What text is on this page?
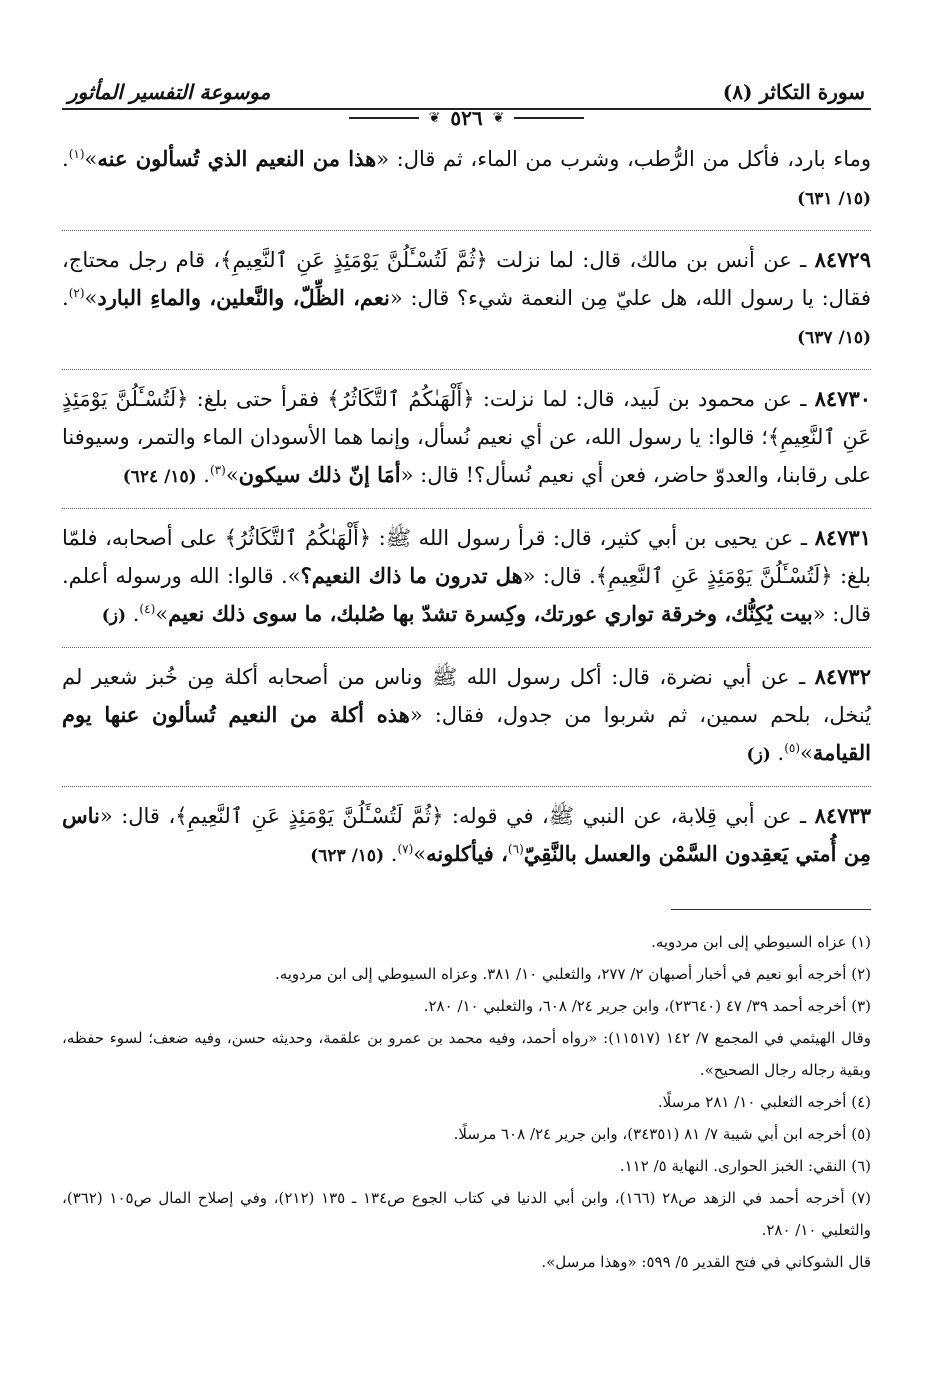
سورة التكاثر (٨)
موسوعة التفسير المأثور
❦
٥٢٦
❦

وماء بارد، فأكل من الرُّطب، وشرب من الماء، ثم قال: «هذا من النعيم الذي تُسألون عنه»$^{(١)}$. (١٥/ ٦٣١)

٨٤٧٢٩ ـ عن أنس بن مالك، قال: لما نزلت ﴿ثُمَّ لَتُسْـَٔلُنَّ يَوْمَئِذٍ عَنِ ٱلنَّعِيمِ﴾، قام رجل محتاج، فقال: يا رسول الله، هل عليّ مِن النعمة شيء؟ قال: «نعم، الظِّلّ، والنَّعلين، والماءِ البارد»$^{(٢)}$. (١٥/ ٦٣٧)

٨٤٧٣٠ ـ عن محمود بن لَبيد، قال: لما نزلت: ﴿أَلْهَىٰكُمُ ٱلتَّكَاثُرُ﴾ فقرأ حتى بلغ: ﴿لَتُسْـَٔلُنَّ يَوْمَئِذٍ عَنِ ٱلنَّعِيمِ﴾؛ قالوا: يا رسول الله، عن أي نعيم نُسأل، وإنما هما الأسودان الماء والتمر، وسيوفنا على رقابنا، والعدوّ حاضر، فعن أي نعيم نُسأل؟! قال: «أمَا إنّ ذلك سيكون»$^{(٣)}$. (١٥/ ٦٢٤)

٨٤٧٣١ ـ عن يحيى بن أبي كثير، قال: قرأ رسول الله ﷺ: ﴿أَلْهَىٰكُمُ ٱلتَّكَاثُرُ﴾ على أصحابه، فلمّا بلغ: ﴿لَتُسْـَٔلُنَّ يَوْمَئِذٍ عَنِ ٱلنَّعِيمِ﴾. قال: «هل تدرون ما ذاك النعيم؟». قالوا: الله ورسوله أعلم. قال: «بيت يُكِنُّك، وخرقة تواري عورتك، وكِسرة تشدّ بها صُلبك، ما سوى ذلك نعيم»$^{(٤)}$. (ز)

٨٤٧٣٢ ـ عن أبي نضرة، قال: أكل رسول الله ﷺ وناس من أصحابه أكلة مِن خُبز شعير لم يُنخل، بلحم سمين، ثم شربوا من جدول، فقال: «هذه أكلة من النعيم تُسألون عنها يوم القيامة»$^{(٥)}$. (ز)

٨٤٧٣٣ ـ عن أبي قِلابة، عن النبي ﷺ، في قوله: ﴿ثُمَّ لَتُسْـَٔلُنَّ يَوْمَئِذٍ عَنِ ٱلنَّعِيمِ﴾، قال: «ناس مِن أُمتي يَعقِدون السَّمْن والعسل بالنَّقِيّ$^{(٦)}$، فيأكلونه»$^{(٧)}$. (١٥/ ٦٢٣)

(١) عزاه السيوطي إلى ابن مردويه.

(٢) أخرجه أبو نعيم في أخبار أصبهان ٢/ ٢٧٧، والثعلبي ١٠/ ٣٨١. وعزاه السيوطي إلى ابن مردويه.

(٣) أخرجه أحمد ٣٩/ ٤٧ (٢٣٦٤٠)، وابن جرير ٢٤/ ٦٠٨، والثعلبي ١٠/ ٢٨٠.

وقال الهيثمي في المجمع ٧/ ١٤٢ (١١٥١٧): «رواه أحمد، وفيه محمد بن عمرو بن علقمة، وحديثه حسن، وفيه ضعف؛ لسوء حفظه، وبقية رجاله رجال الصحيح».

(٤) أخرجه الثعلبي ١٠/ ٢٨١ مرسلًا.

(٥) أخرجه ابن أبي شيبة ٧/ ٨١ (٣٤٣٥١)، وابن جرير ٢٤/ ٦٠٨ مرسلًا.

(٦) النقي: الخبز الحوارى. النهاية ٥/ ١١٢.

(٧) أخرجه أحمد في الزهد ص٢٨ (١٦٦)، وابن أبي الدنيا في كتاب الجوع ص١٣٤ ـ ١٣٥ (٢١٢)، وفي إصلاح المال ص١٠٥ (٣٦٢)، والثعلبي ١٠/ ٢٨٠.

قال الشوكاني في فتح القدير ٥/ ٥٩٩: «وهذا مرسل».
